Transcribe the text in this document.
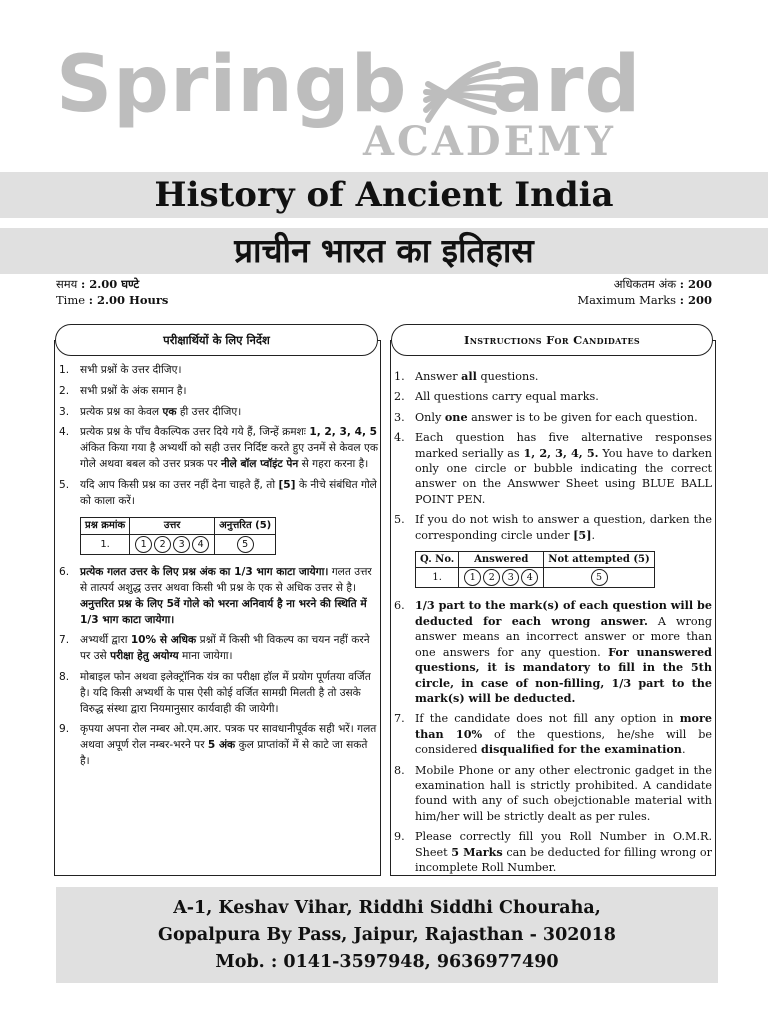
Springb ard
ACADEMY
History of Ancient India
प्राचीन भारत का इतिहास
समय : 2.00 घण्टे
Time : 2.00 Hours
अधिकतम अंक : 200
Maximum Marks : 200
परीक्षार्थियों के लिए निर्देश
1. सभी प्रश्नों के उत्तर दीजिए।
2. सभी प्रश्नों के अंक समान है।
3. प्रत्येक प्रश्न का केवल एक ही उत्तर दीजिए।
4. प्रत्येक प्रश्न के पाँच वैकल्पिक उत्तर दिये गये हैं, जिन्हें क्रमशः 1, 2, 3, 4, 5 अंकित किया गया है अभ्यर्थी को सही उत्तर निर्दिष्ट करते हुए उनमें से केवल एक गोले अथवा बबल को उत्तर प्रत्रक पर नीले बॉल प्वॉइंट पेन से गहरा करना है।
5. यदि आप किसी प्रश्न का उत्तर नहीं देना चाहते हैं, तो [5] के नीचे संबंधित गोले को काला करें।
प्रश्न क्रमांक	उत्तर	अनुत्तरित (5)
1.	1 2 3 4	5
6. प्रत्येक गलत उत्तर के लिए प्रश्न अंक का 1/3 भाग काटा जायेगा। गलत उत्तर से तात्पर्य अशुद्ध उत्तर अथवा किसी भी प्रश्न के एक से अधिक उत्तर से है। अनुत्तरित प्रश्न के लिए 5वें गोले को भरना अनिवार्य है ना भरने की स्थिति में 1/3 भाग काटा जायेगा।
7. अभ्यर्थी द्वारा 10% से अधिक प्रश्नों में किसी भी विकल्प का चयन नहीं करने पर उसे परीक्षा हेतु अयोग्य माना जायेगा।
8. मोबाइल फोन अथवा इलेक्ट्रॉनिक यंत्र का परीक्षा हॉल में प्रयोग पूर्णतया वर्जित है। यदि किसी अभ्यर्थी के पास ऐसी कोई वर्जित सामग्री मिलती है तो उसके विरुद्ध संस्था द्वारा नियमानुसार कार्यवाही की जायेगी।
9. कृपया अपना रोल नम्बर ओ.एम.आर. पत्रक पर सावधानीपूर्वक सही भरें। गलत अथवा अपूर्ण रोल नम्बर-भरने पर 5 अंक कुल प्राप्तांकों में से काटे जा सकते है।
Instructions For Candidates
1. Answer all questions.
2. All questions carry equal marks.
3. Only one answer is to be given for each question.
4. Each question has five alternative responses marked serially as 1, 2, 3, 4, 5. You have to darken only one circle or bubble indicating the correct answer on the Answwer Sheet using BLUE BALL POINT PEN.
5. If you do not wish to answer a question, darken the corresponding circle under [5].
Q. No.	Answered	Not attempted (5)
1.	1 2 3 4	5
6. 1/3 part to the mark(s) of each question will be deducted for each wrong answer. A wrong answer means an incorrect answer or more than one answers for any question. For unanswered questions, it is mandatory to fill in the 5th circle, in case of non-filling, 1/3 part to the mark(s) will be deducted.
7. If the candidate does not fill any option in more than 10% of the questions, he/she will be considered disqualified for the examination.
8. Mobile Phone or any other electronic gadget in the examination hall is strictly prohibited. A candidate found with any of such obejctionable material with him/her will be strictly dealt as per rules.
9. Please correctly fill you Roll Number in O.M.R. Sheet 5 Marks can be deducted for filling wrong or incomplete Roll Number.
A-1, Keshav Vihar, Riddhi Siddhi Chouraha,
Gopalpura By Pass, Jaipur, Rajasthan - 302018
Mob. : 0141-3597948, 9636977490
